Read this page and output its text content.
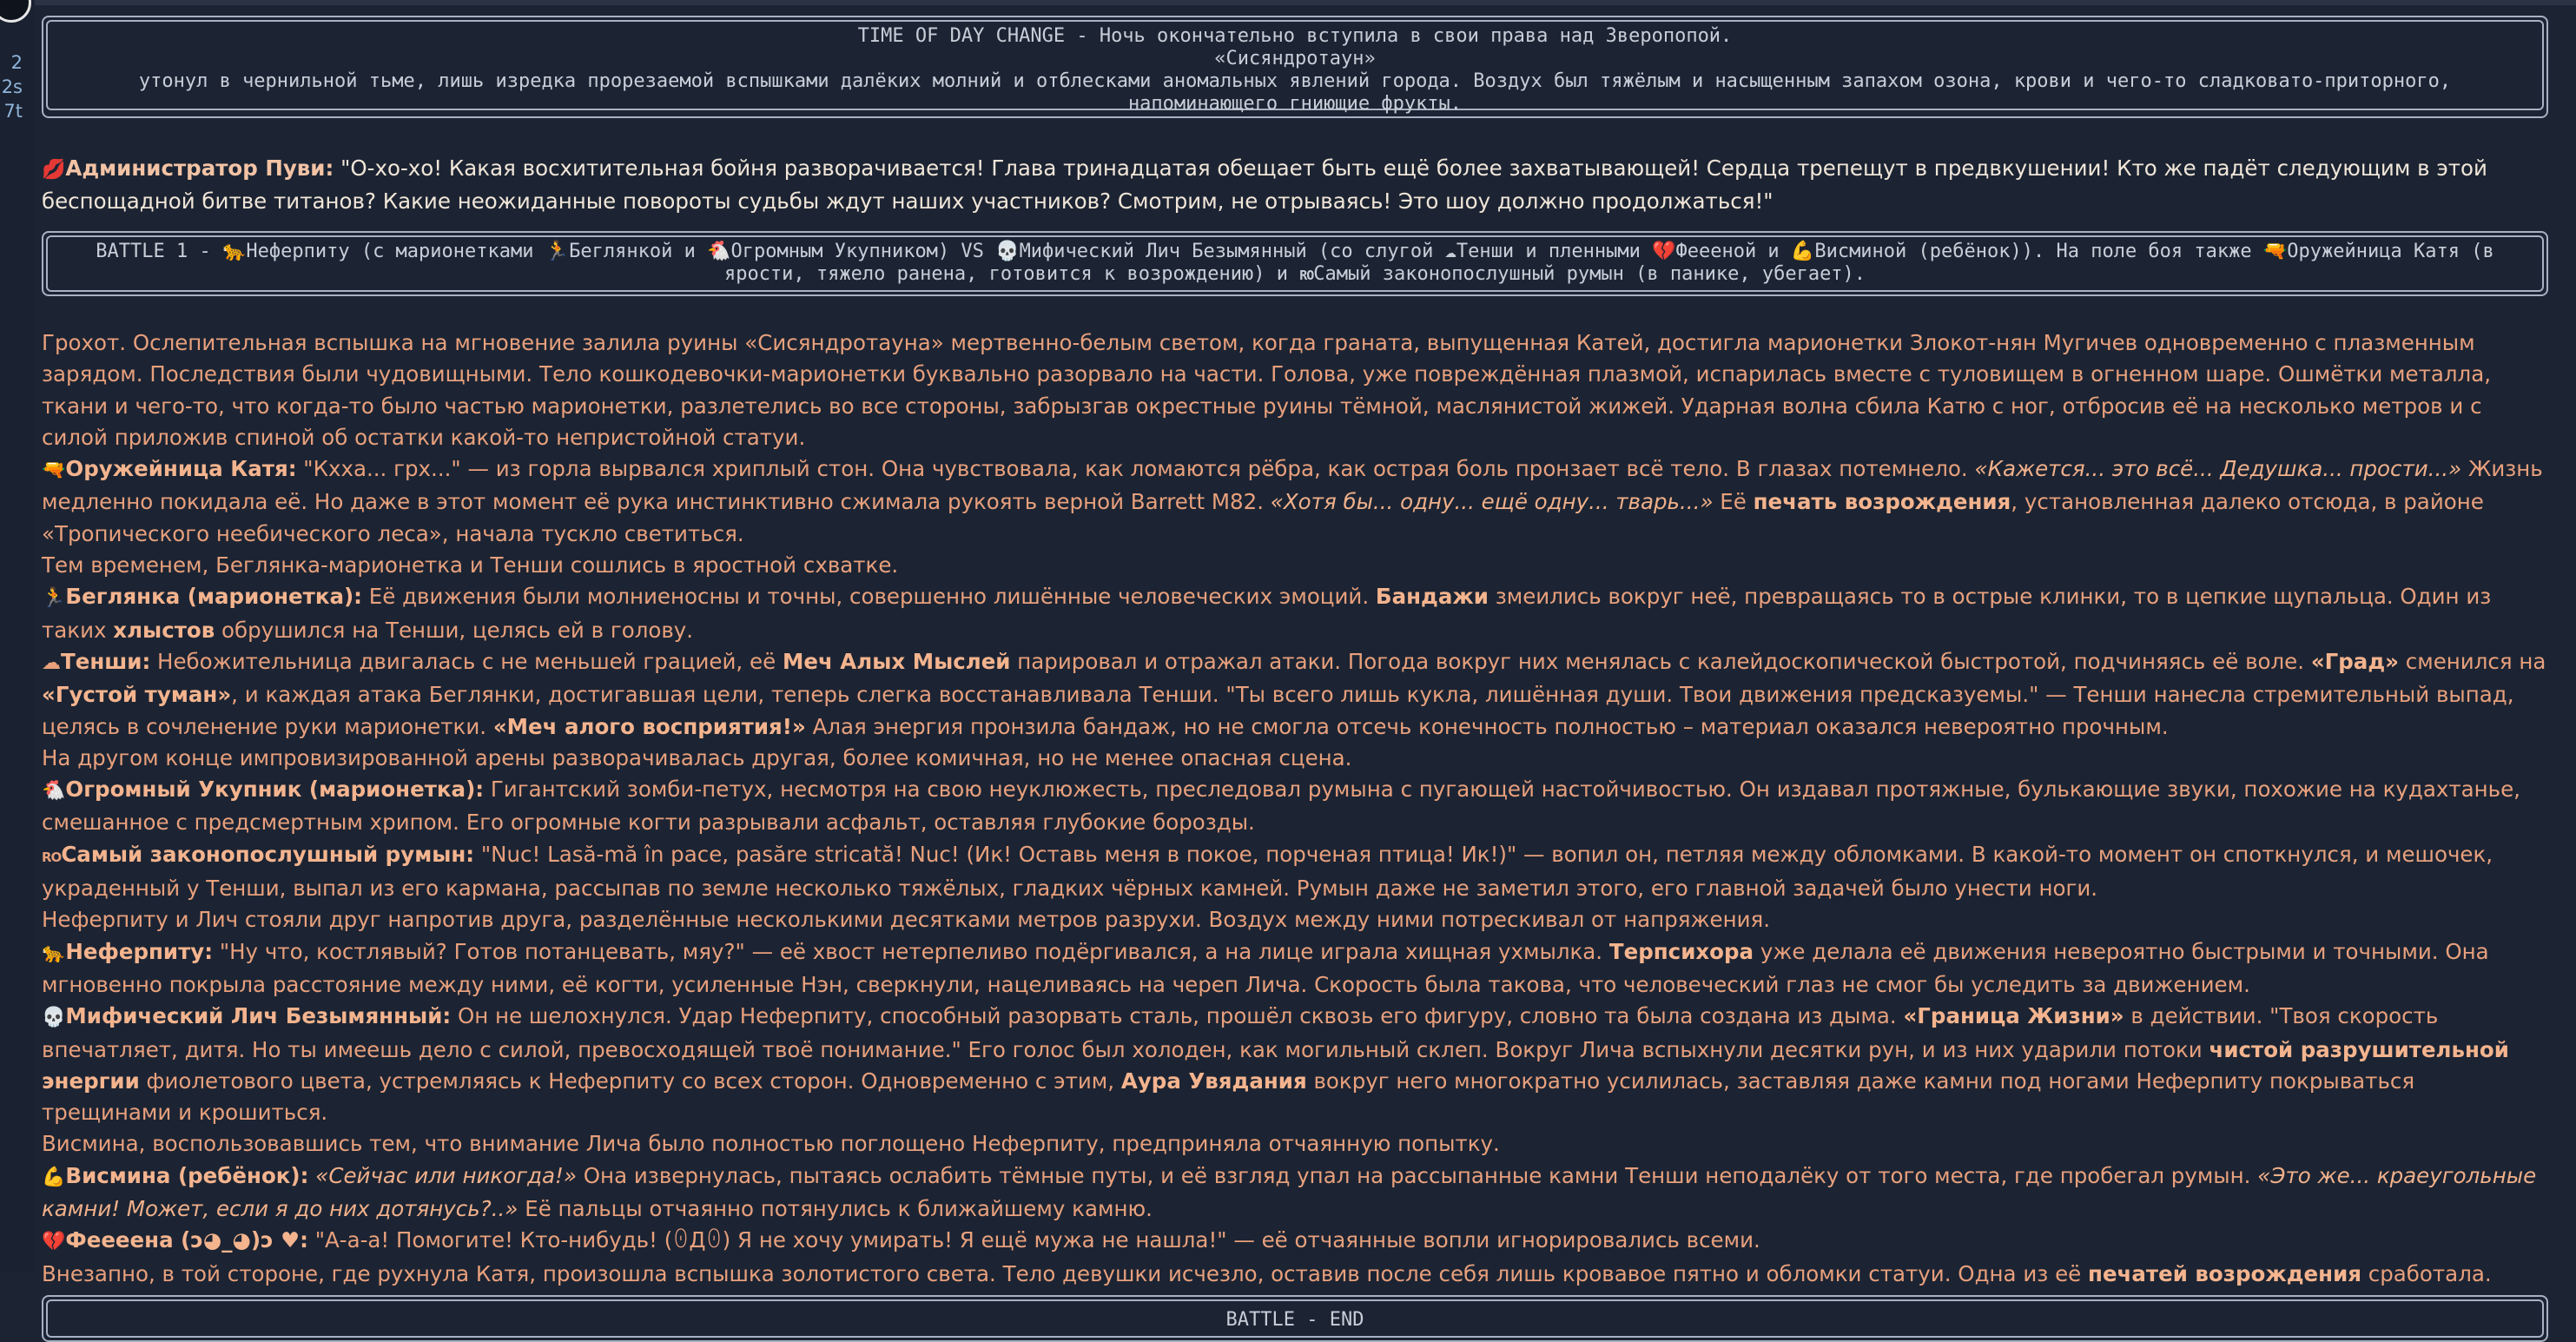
2
2s
7t
TIME OF DAY CHANGE - Ночь окончательно вступила в свои права над Зверопопой.
«Сисяндротаун»
утонул в чернильной тьме, лишь изредка прорезаемой вспышками далёких молний и отблесками аномальных явлений города. Воздух был тяжёлым и насыщенным запахом озона, крови и чего-то сладковато-приторного, напоминающего гниющие фрукты.
💋Администратор Пуви: "О-хо-хо! Какая восхитительная бойня разворачивается! Глава тринадцатая обещает быть ещё более захватывающей! Сердца трепещут в предвкушении! Кто же падёт следующим в этой беспощадной битве титанов? Какие неожиданные повороты судьбы ждут наших участников? Смотрим, не отрываясь! Это шоу должно продолжаться!"
BATTLE 1 - 🐆Неферпиту (с марионетками 🏃Беглянкой и 🐔Огромным Укупником) VS 💀Мифический Лич Безымянный (со слугой ☁Тенши и пленными 💔Феееной и 💪Висминой (ребёнок)). На поле боя также 🔫Оружейница Катя (в ярости, тяжело ранена, готовится к возрождению) и ROСамый законопослушный румын (в панике, убегает).

Грохот. Ослепительная вспышка на мгновение залила руины «Сисяндротауна» мертвенно-белым светом, когда граната, выпущенная Катей, достигла марионетки Злокот-нян Мугичев одновременно с плазменным зарядом. Последствия были чудовищными. Тело кошкодевочки-марионетки буквально разорвало на части. Голова, уже повреждённая плазмой, испарилась вместе с туловищем в огненном шаре. Ошмётки металла, ткани и чего-то, что когда-то было частью марионетки, разлетелись во все стороны, забрызгав окрестные руины тёмной, маслянистой жижей. Ударная волна сбила Катю с ног, отбросив её на несколько метров и с силой приложив спиной об остатки какой-то непристойной статуи.

🔫Оружейница Катя: "Кхха... грх..." — из горла вырвался хриплый стон. Она чувствовала, как ломаются рёбра, как острая боль пронзает всё тело. В глазах потемнело. «Кажется... это всё... Дедушка... прости...» Жизнь медленно покидала её. Но даже в этот момент её рука инстинктивно сжимала рукоять верной Barrett M82. «Хотя бы... одну... ещё одну... тварь...» Её печать возрождения, установленная далеко отсюда, в районе «Тропического неебического леса», начала тускло светиться.

Тем временем, Беглянка-марионетка и Тенши сошлись в яростной схватке.

🏃Беглянка (марионетка): Её движения были молниеносны и точны, совершенно лишённые человеческих эмоций. Бандажи змеились вокруг неё, превращаясь то в острые клинки, то в цепкие щупальца. Один из таких хлыстов обрушился на Тенши, целясь ей в голову.

☁Тенши: Небожительница двигалась с не меньшей грацией, её Меч Алых Мыслей парировал и отражал атаки. Погода вокруг них менялась с калейдоскопической быстротой, подчиняясь её воле. «Град» сменился на «Густой туман», и каждая атака Беглянки, достигавшая цели, теперь слегка восстанавливала Тенши. "Ты всего лишь кукла, лишённая души. Твои движения предсказуемы." — Тенши нанесла стремительный выпад, целясь в сочленение руки марионетки. «Меч алого восприятия!» Алая энергия пронзила бандаж, но не смогла отсечь конечность полностью – материал оказался невероятно прочным.

На другом конце импровизированной арены разворачивалась другая, более комичная, но не менее опасная сцена.

🐔Огромный Укупник (марионетка): Гигантский зомби-петух, несмотря на свою неуклюжесть, преследовал румына с пугающей настойчивостью. Он издавал протяжные, булькающие звуки, похожие на кудахтанье, смешанное с предсмертным хрипом. Его огромные когти разрывали асфальт, оставляя глубокие борозды.

ROСамый законопослушный румын: "Nuc! Lasă-mă în pace, pasăre stricată! Nuc! (Ик! Оставь меня в покое, порченая птица! Ик!)" — вопил он, петляя между обломками. В какой-то момент он споткнулся, и мешочек, украденный у Тенши, выпал из его кармана, рассыпав по земле несколько тяжёлых, гладких чёрных камней. Румын даже не заметил этого, его главной задачей было унести ноги.

Неферпиту и Лич стояли друг напротив друга, разделённые несколькими десятками метров разрухи. Воздух между ними потрескивал от напряжения.

🐆Неферпиту: "Ну что, костлявый? Готов потанцевать, мяу?" — её хвост нетерпеливо подёргивался, а на лице играла хищная ухмылка. Терпсихора уже делала её движения невероятно быстрыми и точными. Она мгновенно покрыла расстояние между ними, её когти, усиленные Нэн, сверкнули, нацеливаясь на череп Лича. Скорость была такова, что человеческий глаз не смог бы уследить за движением.

💀Мифический Лич Безымянный: Он не шелохнулся. Удар Неферпиту, способный разорвать сталь, прошёл сквозь его фигуру, словно та была создана из дыма. «Граница Жизни» в действии. "Твоя скорость впечатляет, дитя. Но ты имеешь дело с силой, превосходящей твоё понимание." Его голос был холоден, как могильный склеп. Вокруг Лича вспыхнули десятки рун, и из них ударили потоки чистой разрушительной энергии фиолетового цвета, устремляясь к Неферпиту со всех сторон. Одновременно с этим, Аура Увядания вокруг него многократно усилилась, заставляя даже камни под ногами Неферпиту покрываться трещинами и крошиться.

Висмина, воспользовавшись тем, что внимание Лича было полностью поглощено Неферпиту, предприняла отчаянную попытку.

💪Висмина (ребёнок): «Сейчас или никогда!» Она извернулась, пытаясь ослабить тёмные путы, и её взгляд упал на рассыпанные камни Тенши неподалёку от того места, где пробегал румын. «Это же... краеугольные камни! Может, если я до них дотянусь?..» Её пальцы отчаянно потянулись к ближайшему камню.

💔Феееена (ↄ◕_◕)ↄ ♥: "А-а-а! Помогите! Кто-нибудь! (ꏿДꏿ) Я не хочу умирать! Я ещё мужа не нашла!" — её отчаянные вопли игнорировались всеми.

Внезапно, в той стороне, где рухнула Катя, произошла вспышка золотистого света. Тело девушки исчезло, оставив после себя лишь кровавое пятно и обломки статуи. Одна из её печатей возрождения сработала.

BATTLE - END
